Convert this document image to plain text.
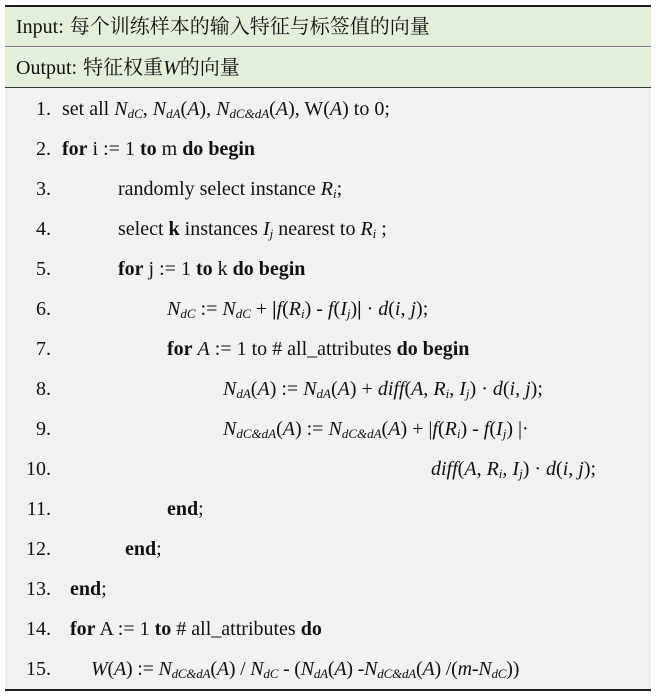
Input: 每个训练样本的输入特征与标签值的向量
Output: 特征权重W的向量
1. set all $N_{dC}$, $N_{dA}(A)$, $N_{dC\&dA}(A)$, W(A) to 0;
2. for i := 1 to m do begin
3.	randomly select instance $R_i$;
4.	select k instances $I_j$ nearest to $R_i$ ;
5.	for j := 1 to k do begin
6.	$N_{dC}$ := $N_{dC} + |f(R_i) - f(I_j)| \cdot d(i$, j);
7.	for A := 1 to # all_attributes do begin
8.	$N_{dA}(A)$ := $N_{dA}(A)$ + diff(A, $R_i$, $I_j) \cdot d(i$, j);
9.	$N_{dC\&dA}(A)$ := $N_{dC\&dA}(A) + |f(R_i) - f(I_j)$ |·
10.	diff(A, $R_i$, $I_j) \cdot d(i$, j);
11.	end;
12.	end;
13. end;
14. for A := 1 to # all_attributes do
15. W(A) := $N_{dC\&dA}(A) / N_{dC} - (N_{dA}(A)$ $-N_{dC\&dA}(A)$ $/(m-N_{dC})$)
